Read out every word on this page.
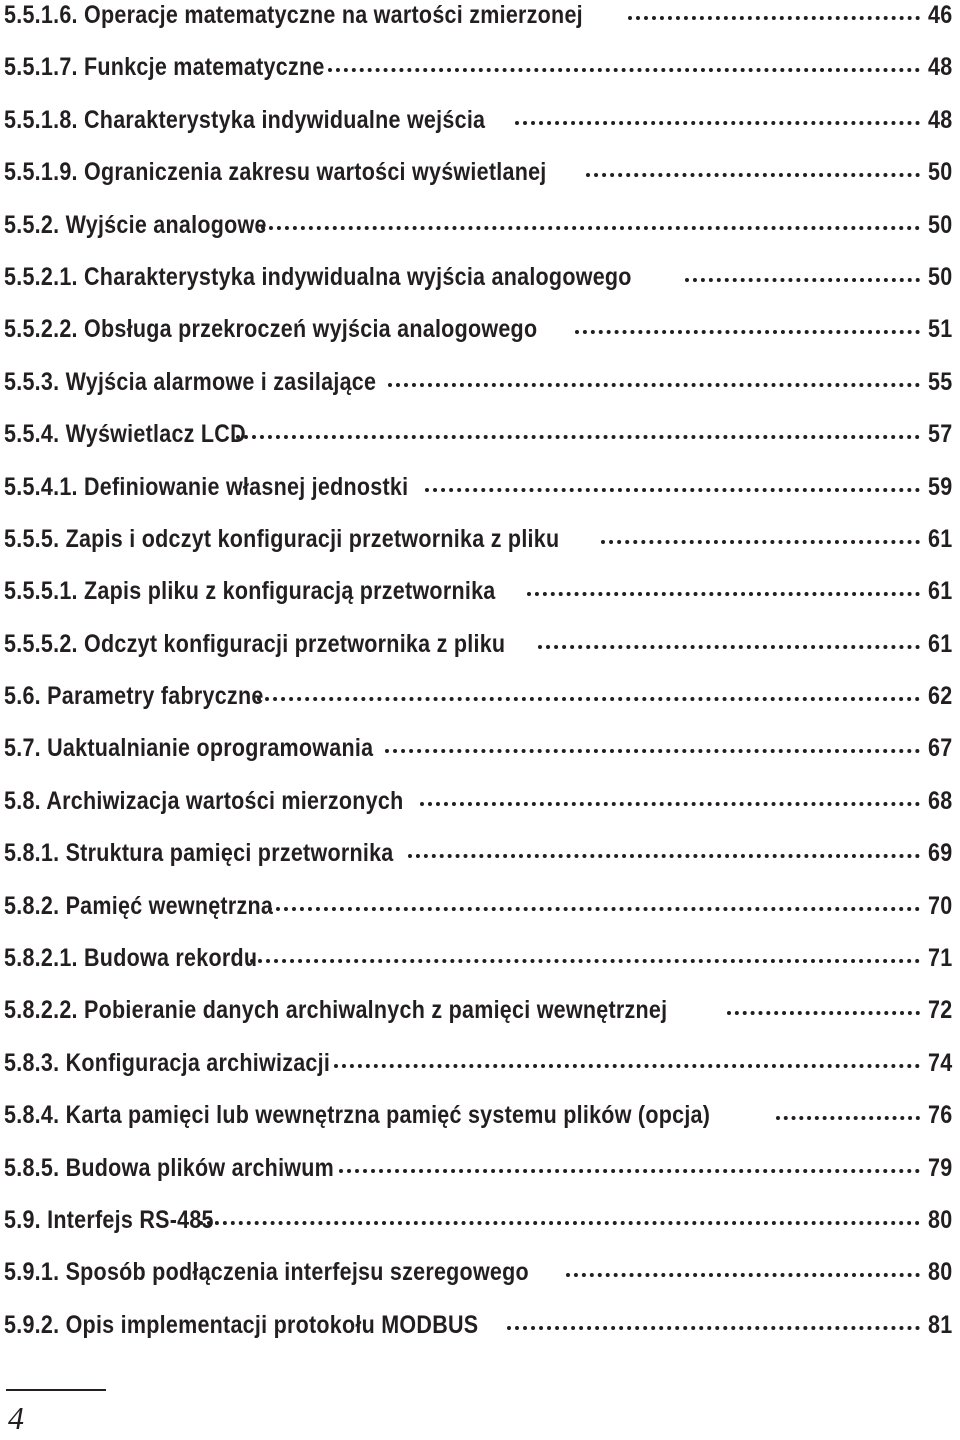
5.5.1.6. Operacje matematyczne na wartości zmierzonej	46
5.5.1.7. Funkcje matematyczne	48
5.5.1.8. Charakterystyka indywidualne wejścia	48
5.5.1.9. Ograniczenia zakresu wartości wyświetlanej	50
5.5.2. Wyjście analogowe	50
5.5.2.1. Charakterystyka indywidualna wyjścia analogowego	50
5.5.2.2. Obsługa przekroczeń wyjścia analogowego	51
5.5.3. Wyjścia alarmowe i zasilające	55
5.5.4. Wyświetlacz LCD	57
5.5.4.1. Definiowanie własnej jednostki	59
5.5.5. Zapis i odczyt konfiguracji przetwornika z pliku	61
5.5.5.1. Zapis pliku z konfiguracją przetwornika	61
5.5.5.2. Odczyt konfiguracji przetwornika z pliku	61
5.6. Parametry fabryczne	62
5.7. Uaktualnianie oprogramowania	67
5.8. Archiwizacja wartości mierzonych	68
5.8.1. Struktura pamięci przetwornika	69
5.8.2. Pamięć wewnętrzna	70
5.8.2.1. Budowa rekordu	71
5.8.2.2. Pobieranie danych archiwalnych z pamięci wewnętrznej	72
5.8.3. Konfiguracja archiwizacji	74
5.8.4. Karta pamięci lub wewnętrzna pamięć systemu plików (opcja)	76
5.8.5. Budowa plików archiwum	79
5.9. Interfejs RS-485	80
5.9.1. Sposób podłączenia interfejsu szeregowego	80
5.9.2. Opis implementacji protokołu MODBUS	81
4
